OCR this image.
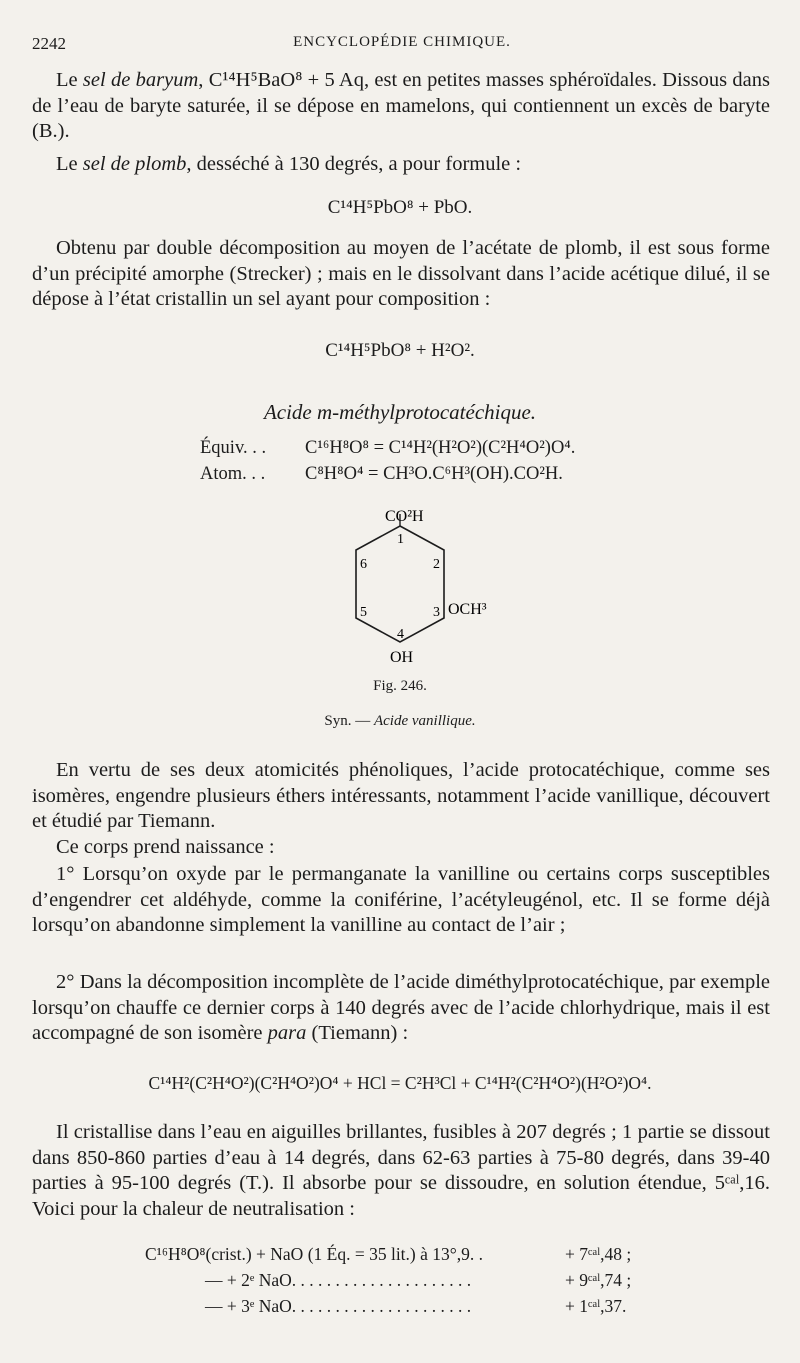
2242	ENCYCLOPÉDIE CHIMIQUE.
Le sel de baryum, C¹⁴H⁵BaO⁸ + 5 Aq, est en petites masses sphéroïdales. Dissous dans de l’eau de baryte saturée, il se dépose en mamelons, qui contiennent un excès de baryte (B.).
Le sel de plomb, desséché à 130 degrés, a pour formule :
C¹⁴H⁵PbO⁸ + PbO.
Obtenu par double décomposition au moyen de l’acétate de plomb, il est sous forme d’un précipité amorphe (Strecker) ; mais en le dissolvant dans l’acide acétique dilué, il se dépose à l’état cristallin un sel ayant pour composition :
C¹⁴H⁵PbO⁸ + H²O².
Acide m-méthylprotocatéchique.
Équiv. . . C¹⁶H⁸O⁸ = C¹⁴H²(H²O²)(C²H⁴O²)O⁴.
Atom. . . C⁸H⁸O⁴ = CH³O.C⁶H³(OH).CO²H.
CO²H
OCH³
OH
1
2
3
4
5
6
Fig. 246.
Syn. — Acide vanillique.
En vertu de ses deux atomicités phénoliques, l’acide protocatéchique, comme ses isomères, engendre plusieurs éthers intéressants, notamment l’acide vanillique, découvert et étudié par Tiemann.
Ce corps prend naissance :
1° Lorsqu’on oxyde par le permanganate la vanilline ou certains corps susceptibles d’engendrer cet aldéhyde, comme la coniférine, l’acétyleugénol, etc. Il se forme déjà lorsqu’on abandonne simplement la vanilline au contact de l’air ;
2° Dans la décomposition incomplète de l’acide diméthylprotocatéchique, par exemple lorsqu’on chauffe ce dernier corps à 140 degrés avec de l’acide chlorhydrique, mais il est accompagné de son isomère para (Tiemann) :
C¹⁴H²(C²H⁴O²)(C²H⁴O²)O⁴ + HCl = C²H³Cl + C¹⁴H²(C²H⁴O²)(H²O²)O⁴.
Il cristallise dans l’eau en aiguilles brillantes, fusibles à 207 degrés ; 1 partie se dissout dans 850-860 parties d’eau à 14 degrés, dans 62-63 parties à 75-80 degrés, dans 39-40 parties à 95-100 degrés (T.). Il absorbe pour se dissoudre, en solution étendue, 5ᶜᵃˡ,16. Voici pour la chaleur de neutralisation :
C¹⁶H⁸O⁸(crist.) + NaO (1 Éq. = 35 lit.) à 13°,9. .	+ 7ᶜᵃˡ,48 ;
— + 2ᵉ NaO. . . . . . . . . . . . . . . . . . . . .	+ 9ᶜᵃˡ,74 ;
— + 3ᵉ NaO. . . . . . . . . . . . . . . . . . . . .	+ 1ᶜᵃˡ,37.
